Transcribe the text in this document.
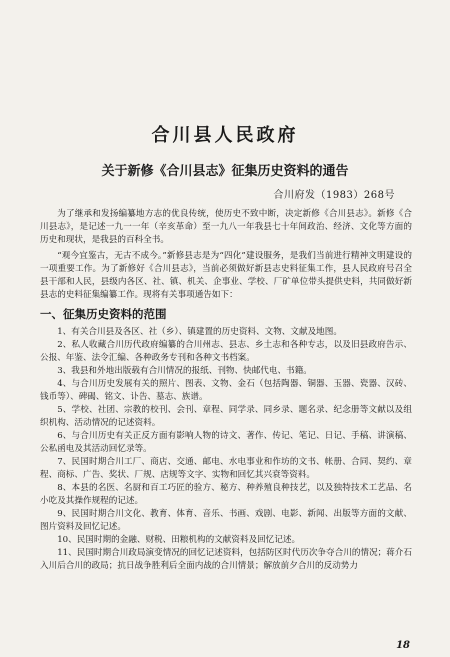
合川县人民政府
关于新修《合川县志》征集历史资料的通告

合川府发（1983）268号

为了继承和发扬编纂地方志的优良传统，使历史不致中断，决定新修《合川县志》。新修《合川县志》，是记述一九一一年（辛亥革命）至一九八一年我县七十年间政治、经济、文化等方面的历史和现状，是我县的百科全书。

“观今宜鉴古，无古不成今。”新修县志是为“四化”建设服务，是我们当前进行精神文明建设的一项重要工作。为了新修好《合川县志》，当前必须做好新县志史料征集工作，县人民政府号召全县干部和人民，县级内各区、社、镇、机关、企事业、学校、厂矿单位带头提供史料，共同做好新县志的史料征集编纂工作。现将有关事项通告如下：

一、征集历史资料的范围

1、有关合川县及各区、社（乡）、镇建置的历史资料、文物、文献及地图。

2、私人收藏合川历代政府编纂的合川州志、县志、乡土志和各种专志，以及旧县政府告示、公报、年鉴、法令汇编、各种政务专刊和各种文书档案。

3、我县和外地出版载有合川情况的报纸、刊物、快邮代电、书籍。

4、与合川历史发展有关的照片、图表、文物、金石（包括陶器、铜器、玉器、瓷器、汉砖、钱币等）、碑碣、铭文、讣告、墓志、族谱。

5、学校、社团、宗教的校刊、会刊、章程、同学录、同乡录、题名录、纪念册等文献以及组织机构、活动情况的记述资料。

6、与合川历史有关正反方面有影响人物的诗文、著作、传记、笔记、日记、手稿、讲演稿、公私函电及其活动回忆录等。

7、民国时期合川工厂、商店、交通、邮电、水电事业和作坊的文书、帐册、合同、契约、章程、商标、广告、奖状、厂规、店规等文字、实物和回忆其兴衰等资料。

8、本县的名医、名厨和百工巧匠的验方、秘方、种养殖良种技艺，以及独特技术工艺品、名小吃及其操作规程的记述。

9、民国时期合川文化、教育、体育、音乐、书画、戏剧、电影、新闻、出版等方面的文献、图片资料及回忆记述。

10、民国时期的金融、财税、田粮机构的文献资料及回忆记述。

11、民国时期合川政局演变情况的回忆记述资料，包括防区时代历次争夺合川的情况；蒋介石入川后合川的政局；抗日战争胜利后全面内战的合川情景；解放前夕合川的反动势力

18
